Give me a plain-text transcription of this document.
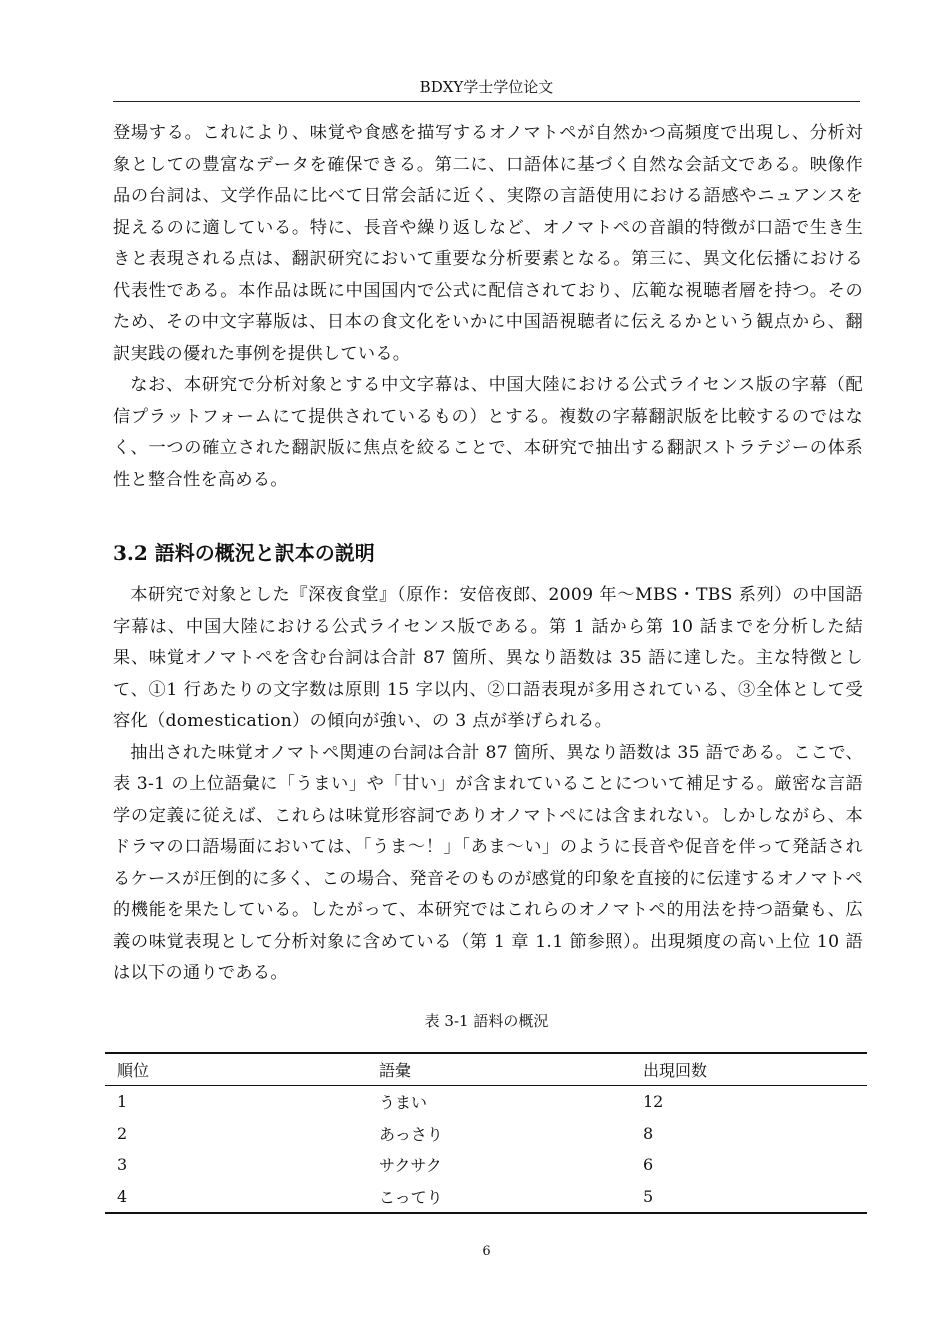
BDXY学士学位论文

登場する。これにより、味覚や食感を描写するオノマトペが自然かつ高頻度で出現し、分析対象としての豊富なデータを確保できる。第二に、口語体に基づく自然な会話文である。映像作品の台詞は、文学作品に比べて日常会話に近く、実際の言語使用における語感やニュアンスを捉えるのに適している。特に、長音や繰り返しなど、オノマトペの音韻的特徴が口語で生き生きと表現される点は、翻訳研究において重要な分析要素となる。第三に、異文化伝播における代表性である。本作品は既に中国国内で公式に配信されており、広範な視聴者層を持つ。そのため、その中文字幕版は、日本の食文化をいかに中国語視聴者に伝えるかという観点から、翻訳実践の優れた事例を提供している。

なお、本研究で分析対象とする中文字幕は、中国大陸における公式ライセンス版の字幕（配信プラットフォームにて提供されているもの）とする。複数の字幕翻訳版を比較するのではなく、一つの確立された翻訳版に焦点を絞ることで、本研究で抽出する翻訳ストラテジーの体系性と整合性を高める。

3.2 語料の概況と訳本の説明

本研究で対象とした『深夜食堂』（原作：安倍夜郎、2009 年～MBS・TBS 系列）の中国語字幕は、中国大陸における公式ライセンス版である。第 1 話から第 10 話までを分析した結果、味覚オノマトペを含む台詞は合計 87 箇所、異なり語数は 35 語に達した。主な特徴として、①1 行あたりの文字数は原則 15 字以内、②口語表現が多用されている、③全体として受容化（domestication）の傾向が強い、の 3 点が挙げられる。

抽出された味覚オノマトペ関連の台詞は合計 87 箇所、異なり語数は 35 語である。ここで、表 3-1 の上位語彙に「うまい」や「甘い」が含まれていることについて補足する。厳密な言語学の定義に従えば、これらは味覚形容詞でありオノマトペには含まれない。しかしながら、本ドラマの口語場面においては、「うま～！」「あま～い」のように長音や促音を伴って発話されるケースが圧倒的に多く、この場合、発音そのものが感覚的印象を直接的に伝達するオノマトペ的機能を果たしている。したがって、本研究ではこれらのオノマトペ的用法を持つ語彙も、広義の味覚表現として分析対象に含めている（第 1 章 1.1 節参照）。出現頻度の高い上位 10 語は以下の通りである。

表 3-1 語料の概況
順位	語彙	出現回数
1	うまい	12
2	あっさり	8
3	サクサク	6
4	こってり	5
6
